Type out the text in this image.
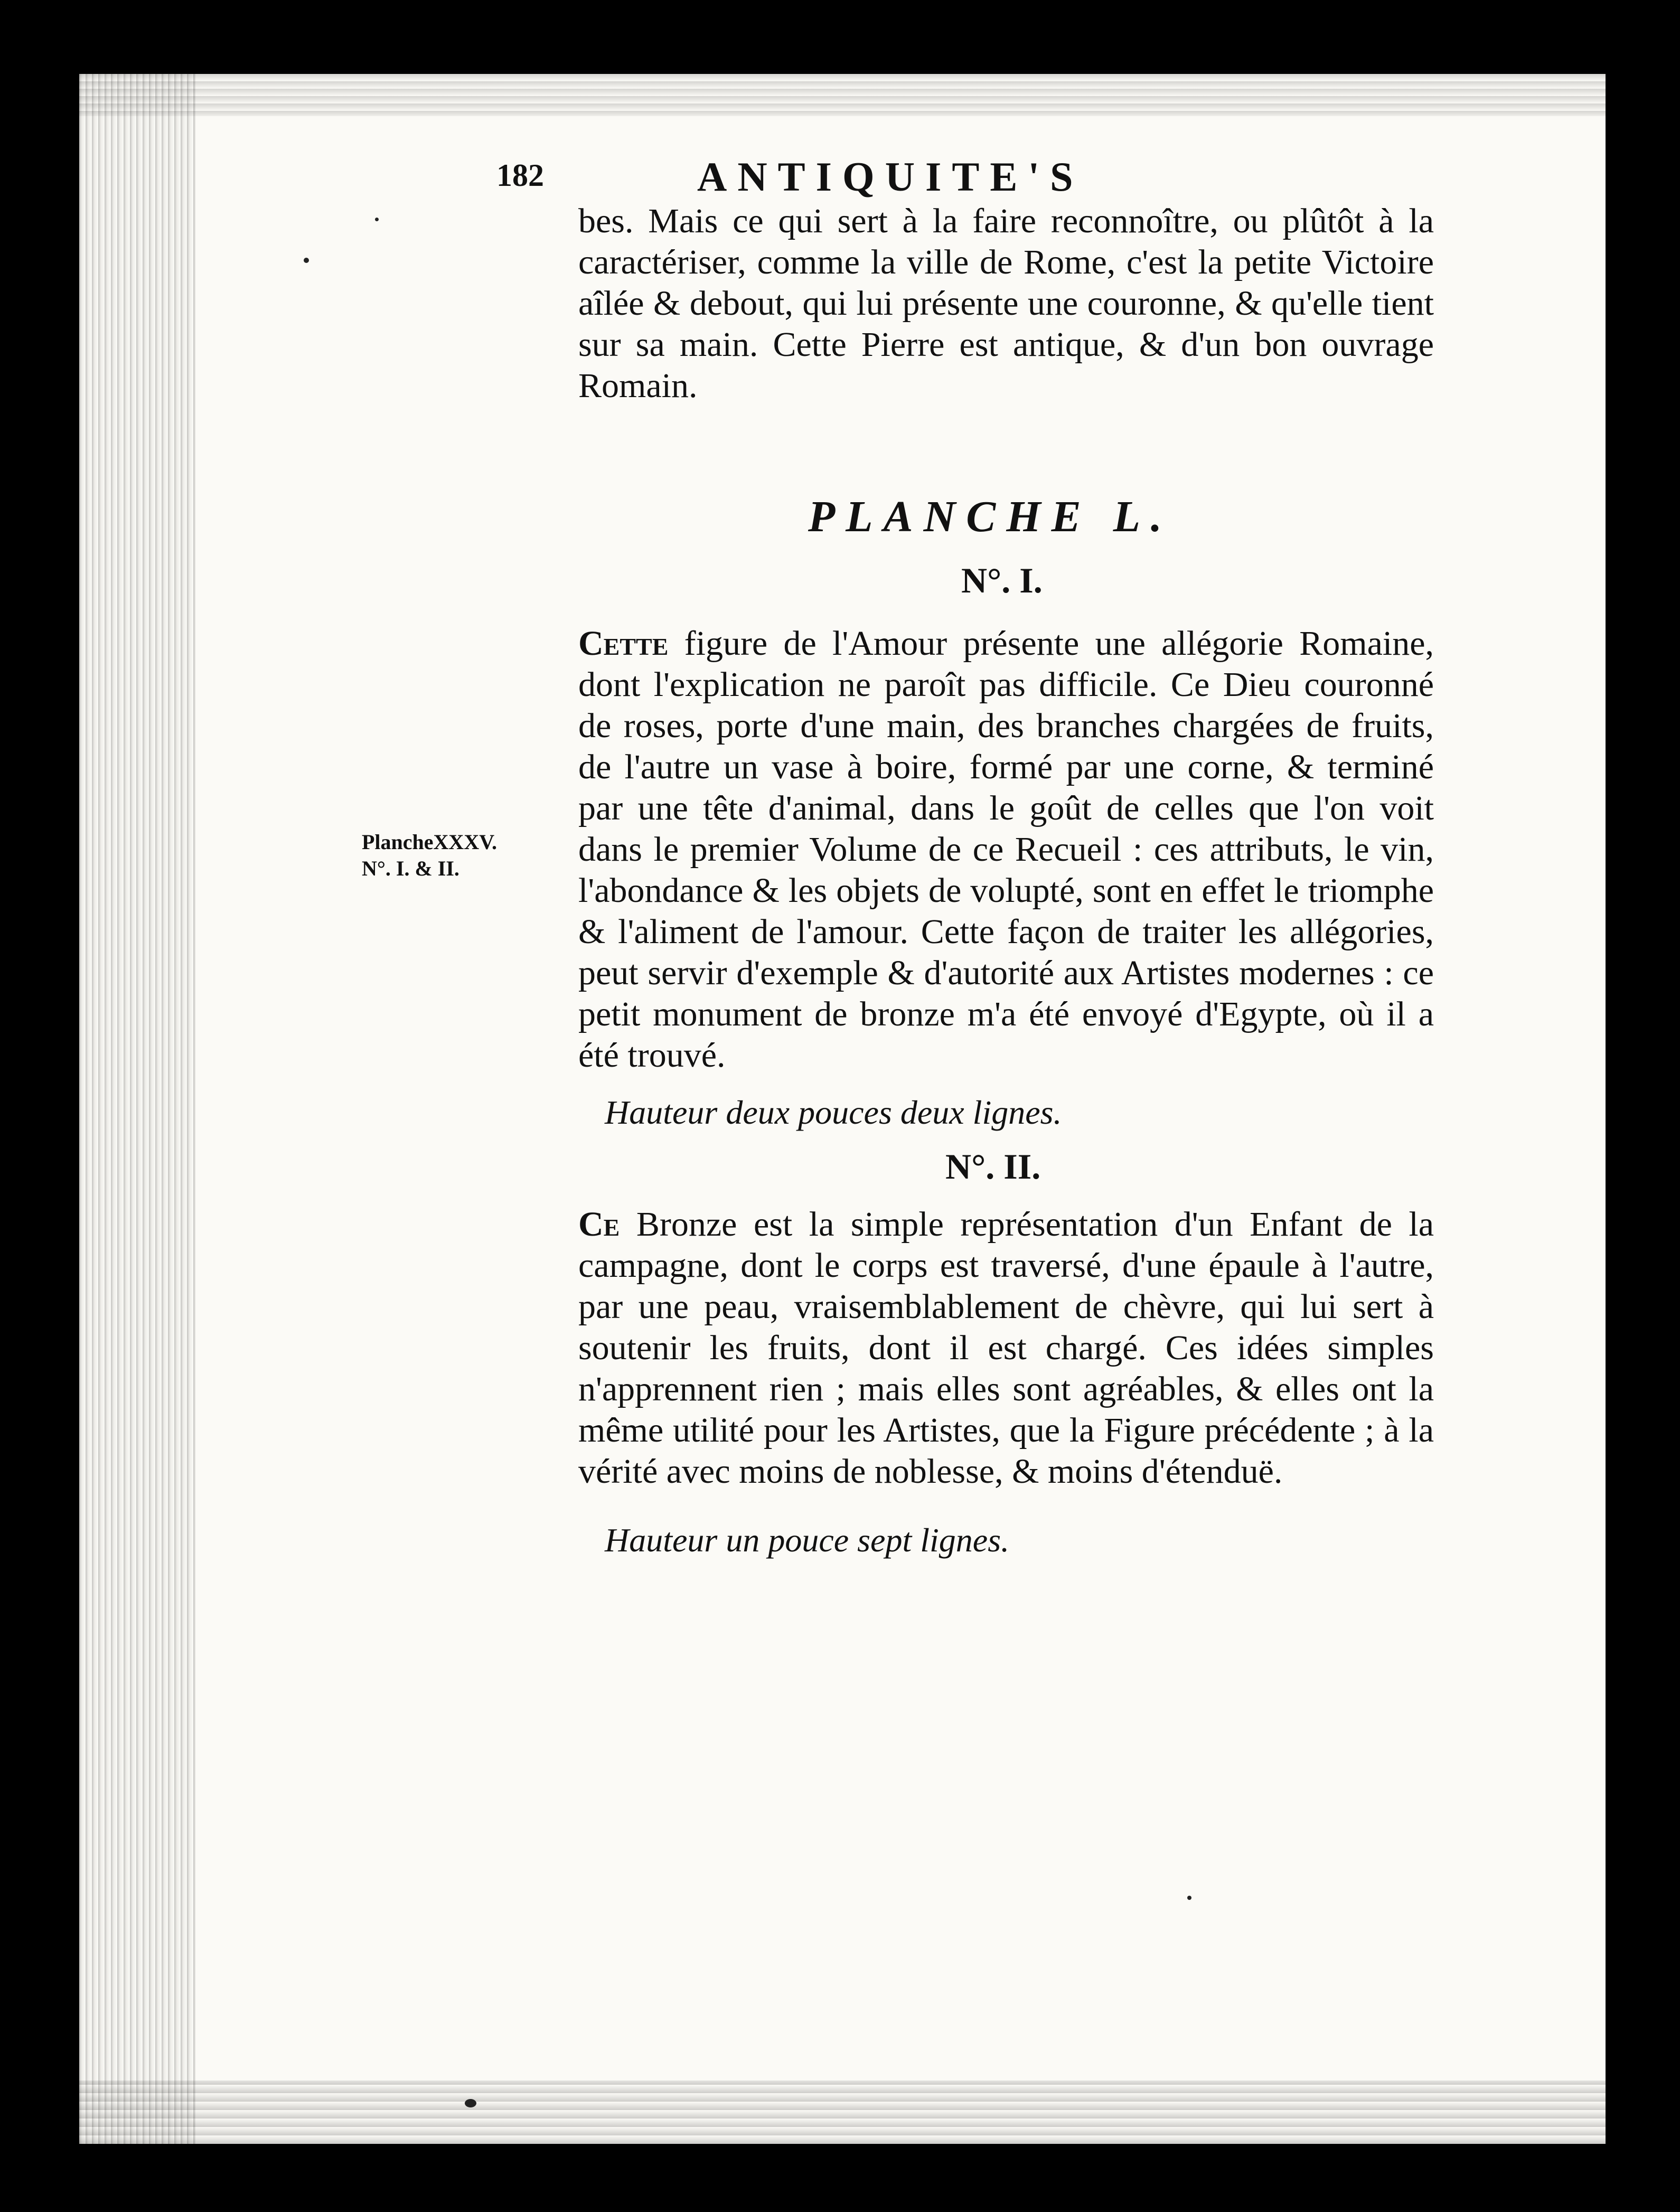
182	ANTIQUITE'S

bes. Mais ce qui sert à la faire reconnoître, ou plûtôt à la caractériser, comme la ville de Rome, c'est la petite Victoire aîlée & debout, qui lui présente une couronne, & qu'elle tient sur sa main. Cette Pierre est antique, & d'un bon ouvrage Romain.

PLANCHE L.
N°. I.

Cette figure de l'Amour présente une allégorie Romaine, dont l'explication ne paroît pas difficile. Ce Dieu couronné de roses, porte d'une main, des branches chargées de fruits, de l'autre un vase à boire, formé par une corne, & terminé par une tête d'animal, dans le goût de celles que l'on voit dans le premier Volume de ce Recueil : ces attributs, le vin, l'abondance & les objets de volupté, sont en effet le triomphe & l'aliment de l'amour. Cette façon de traiter les allégories, peut servir d'exemple & d'autorité aux Artistes modernes : ce petit monument de bronze m'a été envoyé d'Egypte, où il a été trouvé.

PlancheXXXV.
N°. I. & II.

Hauteur deux pouces deux lignes.

N°. II.

Ce Bronze est la simple représentation d'un Enfant de la campagne, dont le corps est traversé, d'une épaule à l'autre, par une peau, vraisemblablement de chèvre, qui lui sert à soutenir les fruits, dont il est chargé. Ces idées simples n'apprennent rien ; mais elles sont agréables, & elles ont la même utilité pour les Artistes, que la Figure précédente ; à la vérité avec moins de noblesse, & moins d'étenduë.

Hauteur un pouce sept lignes.
